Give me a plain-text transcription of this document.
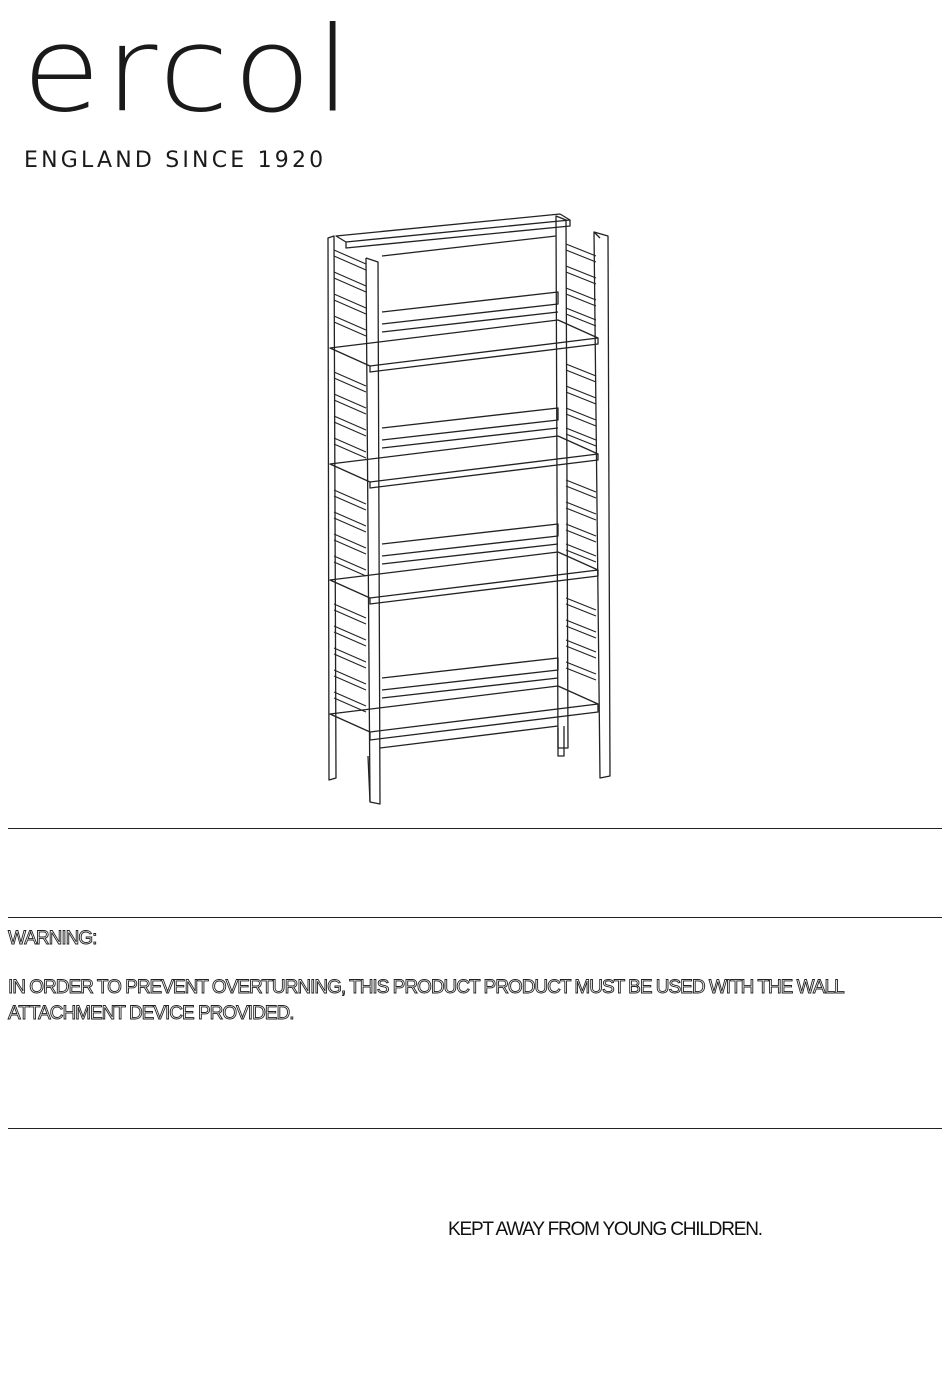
ercol
ENGLAND SINCE 1920
WARNING:
IN ORDER TO PREVENT OVERTURNING, THIS PRODUCT PRODUCT MUST BE USED WITH THE WALL
ATTACHMENT DEVICE PROVIDED.
KEPT AWAY FROM YOUNG CHILDREN.
